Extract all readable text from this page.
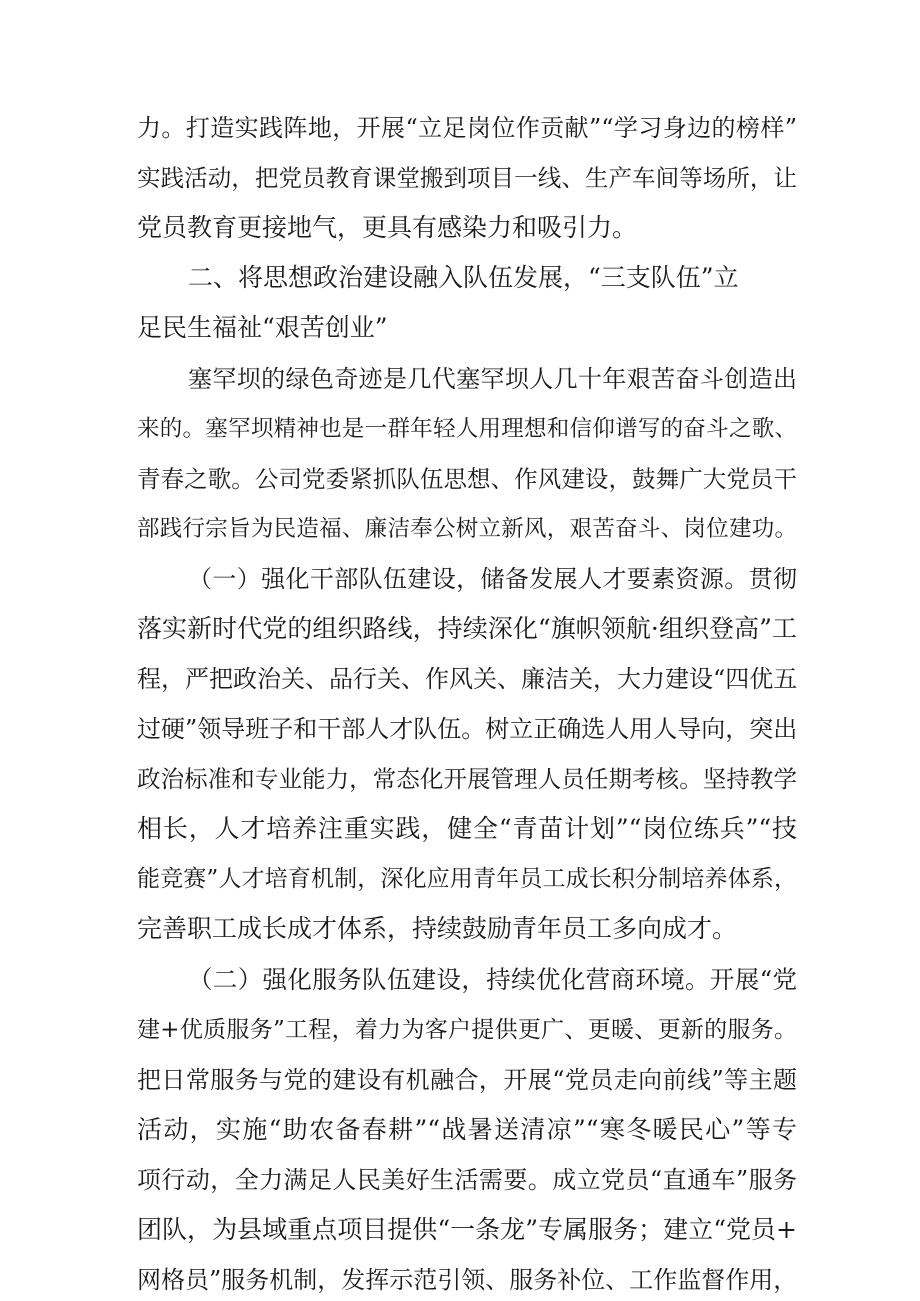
力。打造实践阵地，开展“立足岗位作贡献”“学习身边的榜样”
实践活动，把党员教育课堂搬到项目一线、生产车间等场所，让
党员教育更接地气，更具有感染力和吸引力。
二、将思想政治建设融入队伍发展，“三支队伍”立
足民生福祉“艰苦创业”
塞罕坝的绿色奇迹是几代塞罕坝人几十年艰苦奋斗创造出
来的。塞罕坝精神也是一群年轻人用理想和信仰谱写的奋斗之歌、
青春之歌。公司党委紧抓队伍思想、作风建设，鼓舞广大党员干
部践行宗旨为民造福、廉洁奉公树立新风，艰苦奋斗、岗位建功。
（一）强化干部队伍建设，储备发展人才要素资源。贯彻
落实新时代党的组织路线，持续深化“旗帜领航·组织登高”工
程，严把政治关、品行关、作风关、廉洁关，大力建设“四优五
过硬”领导班子和干部人才队伍。树立正确选人用人导向，突出
政治标准和专业能力，常态化开展管理人员任期考核。坚持教学
相长，人才培养注重实践，健全“青苗计划”“岗位练兵”“技
能竞赛”人才培育机制，深化应用青年员工成长积分制培养体系，
完善职工成长成才体系，持续鼓励青年员工多向成才。
（二）强化服务队伍建设，持续优化营商环境。开展“党
建+优质服务”工程，着力为客户提供更广、更暖、更新的服务。
把日常服务与党的建设有机融合，开展“党员走向前线”等主题
活动，实施“助农备春耕”“战暑送清凉”“寒冬暖民心”等专
项行动，全力满足人民美好生活需要。成立党员“直通车”服务
团队，为县域重点项目提供“一条龙”专属服务；建立“党员+
网格员”服务机制，发挥示范引领、服务补位、工作监督作用，
